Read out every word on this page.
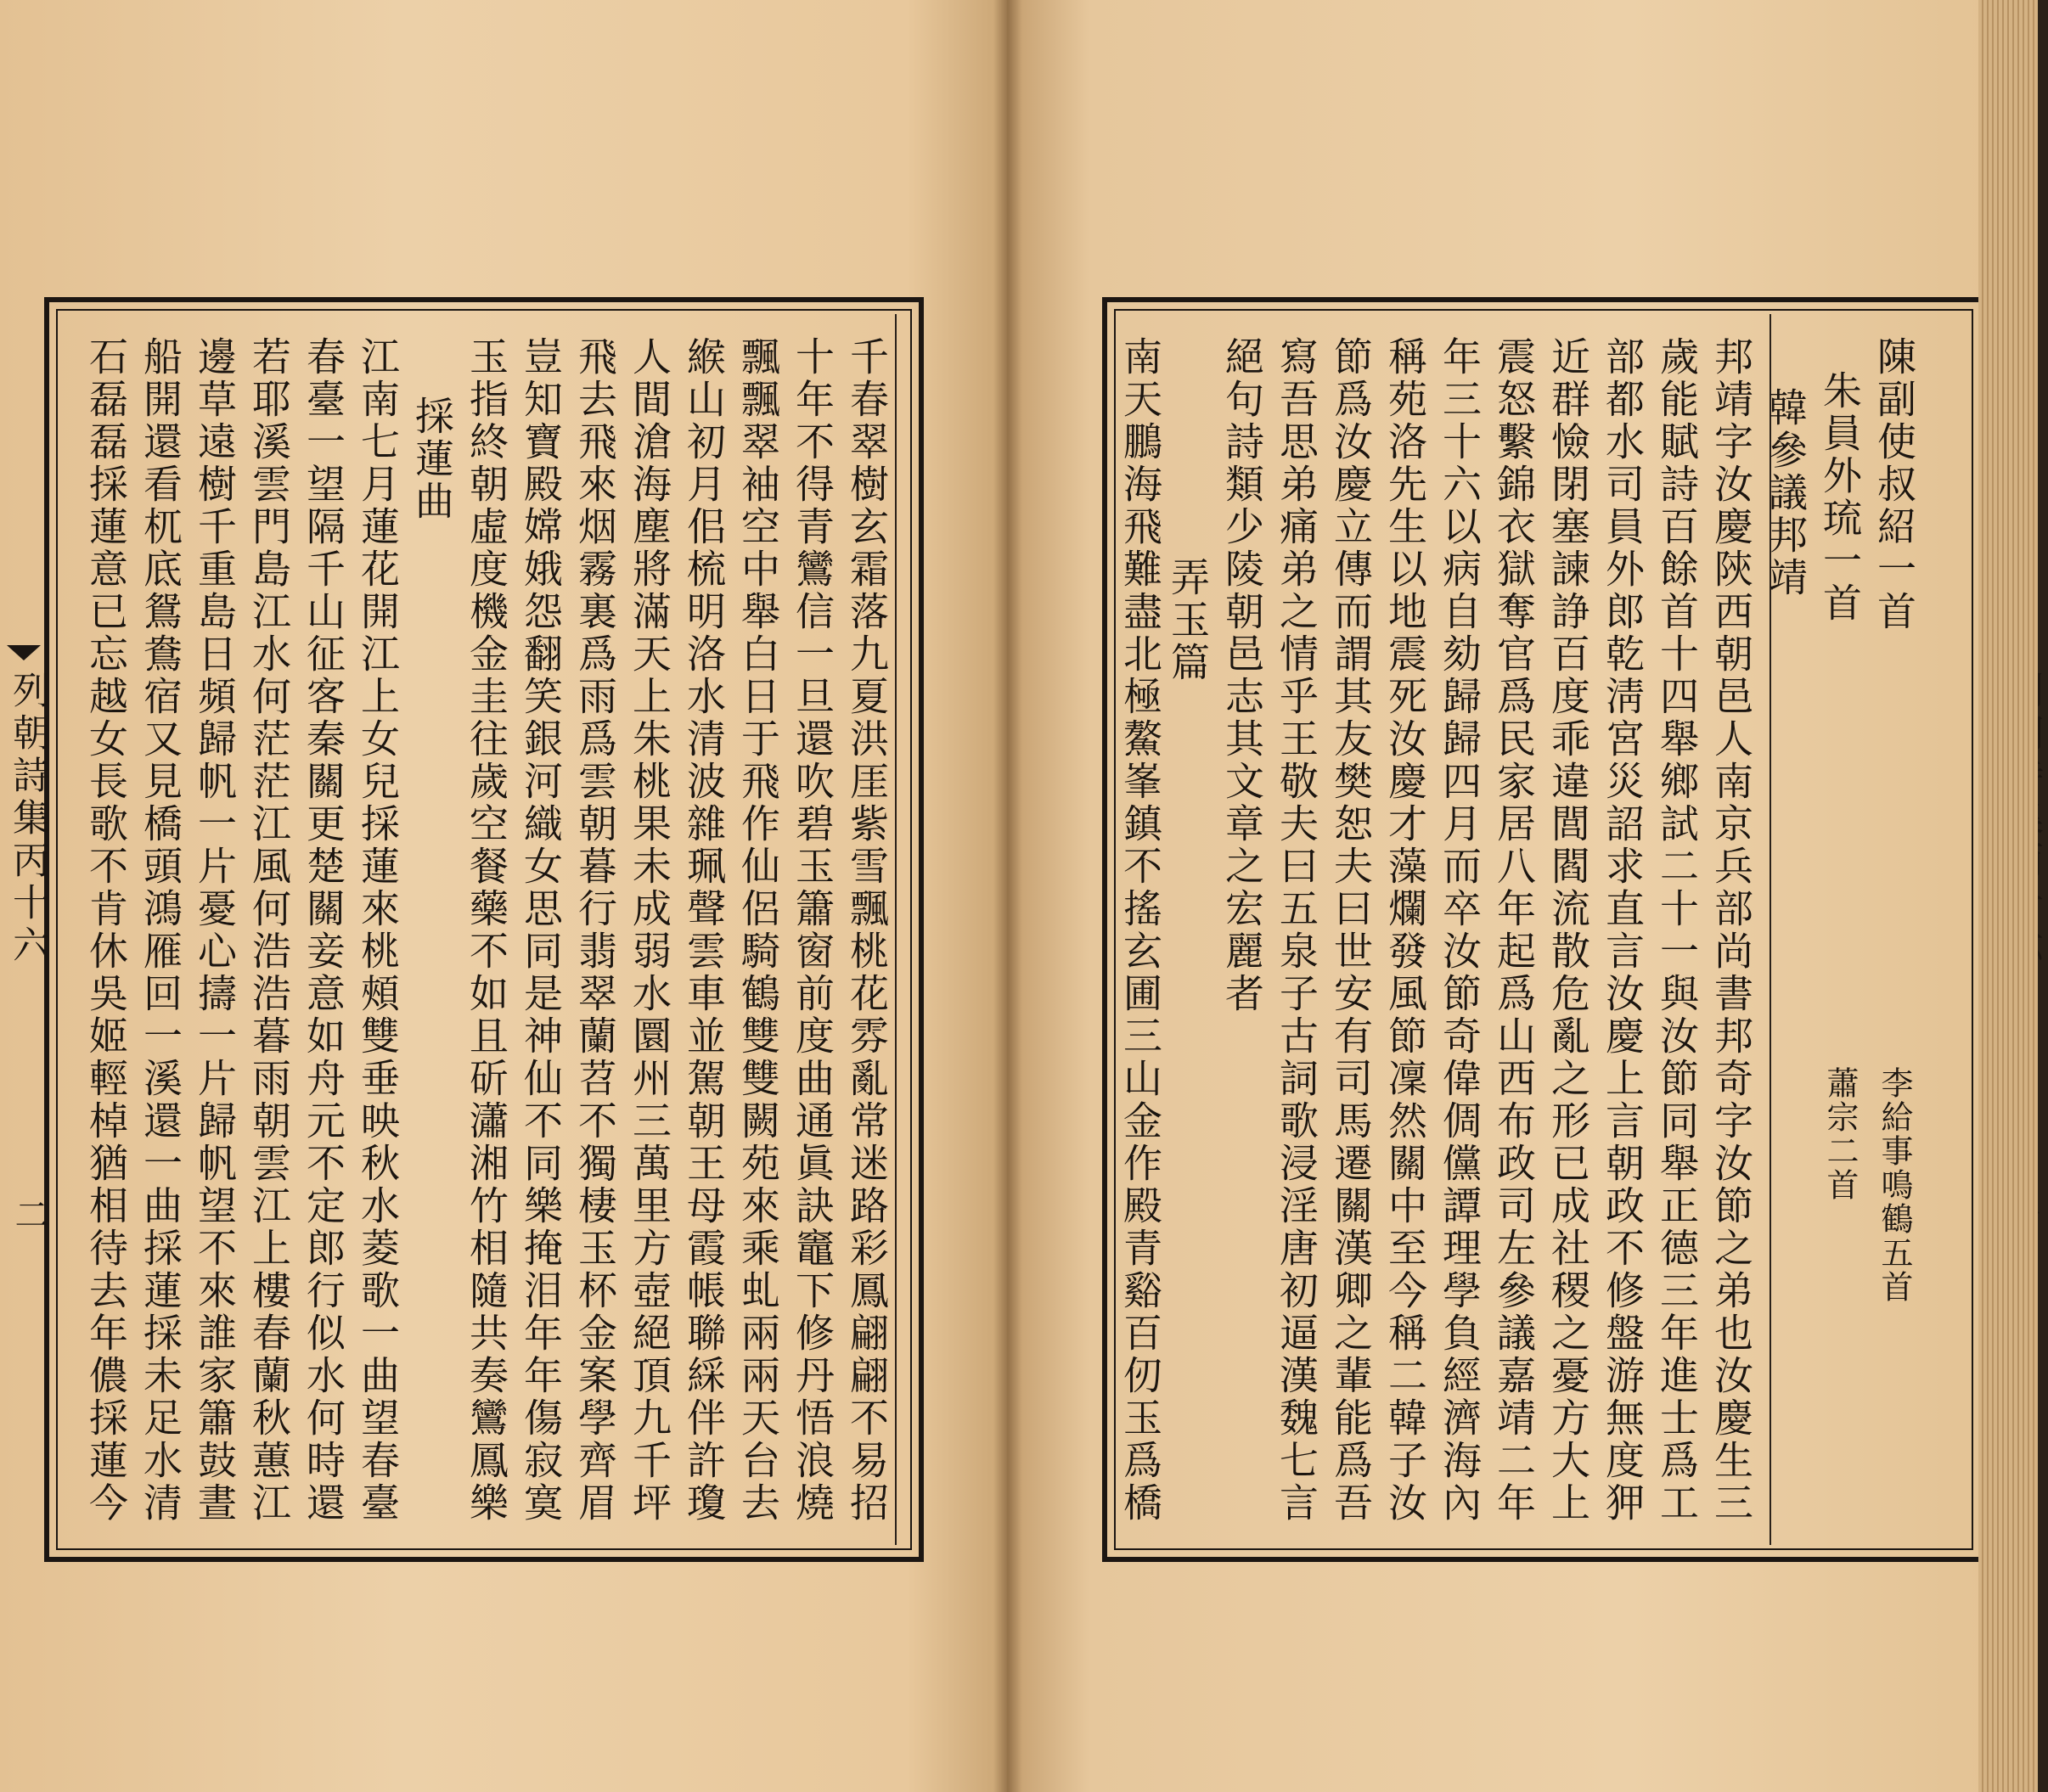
千春翠樹玄霜落九夏洪厓紫雪飄桃花雰亂常迷路彩鳳翩翩不易招
十年不得青鸞信一旦還吹碧玉簫窗前度曲通眞訣竈下修丹悟浪燒
飄飄翠袖空中舉白日于飛作仙侶騎鶴雙雙闕苑來乘虬兩兩天台去
緱山初月佀梳明洛水清波雜珮聲雲車並駕朝王母霞帳聯綵伴許瓊
人間滄海塵將滿天上朱桃果未成弱水圜州三萬里方壺絕頂九千坪
飛去飛來烟霧裏爲雨爲雲朝暮行翡翠蘭苕不獨棲玉杯金案學齊眉
豈知寶殿嫦娥怨翻笑銀河織女思同是神仙不同樂掩泪年年傷寂寞
玉指終朝虛度機金圭往歲空餐藥不如且斫瀟湘竹相隨共奏鸞鳳樂
採蓮曲
江南七月蓮花開江上女兒採蓮來桃頰雙垂映秋水菱歌一曲望春臺
春臺一望隔千山征客秦關更楚關妾意如舟元不定郎行似水何時還
若耶溪雲門島江水何茫茫江風何浩浩暮雨朝雲江上樓春蘭秋蕙江
邊草遠樹千重島日頻歸帆一片憂心擣一片歸帆望不來誰家簫鼓晝
船開還看杌底鴛鴦宿又見橋頭鴻雁回一溪還一曲採蓮採未足水清
石磊磊採蓮意已忘越女長歌不肯休吳姬輕棹猶相待去年儂採蓮今
列朝詩集丙十六
二
陳副使叔紹一首
李給事鳴鶴五首
朱員外琉一首
蕭宗二首
韓參議邦靖
邦靖字汝慶陝西朝邑人南京兵部尚書邦奇字汝節之弟也汝慶生三
歲能賦詩百餘首十四舉鄉試二十一與汝節同舉正德三年進士爲工
部都水司員外郎乾淸宮災詔求直言汝慶上言朝政不修盤游無度狎
近群憸閉塞諫諍百度乖違閭閻流散危亂之形已成社稷之憂方大上
震怒繫錦衣獄奪官爲民家居八年起爲山西布政司左參議嘉靖二年
年三十六以病自劾歸歸四月而卒汝節奇偉倜儻譚理學負經濟海內
稱苑洛先生以地震死汝慶才藻爛發風節凜然關中至今稱二韓子汝
節爲汝慶立傳而謂其友樊恕夫曰世安有司馬遷關漢卿之輩能爲吾
寫吾思弟痛弟之情乎王敬夫曰五泉子古詞歌浸淫唐初逼漢魏七言
絕句詩類少陵朝邑志其文章之宏麗者
弄玉篇
南天鵬海飛難盡北極鰲峯鎮不搖玄圃三山金作殿青谿百仞玉爲橋
